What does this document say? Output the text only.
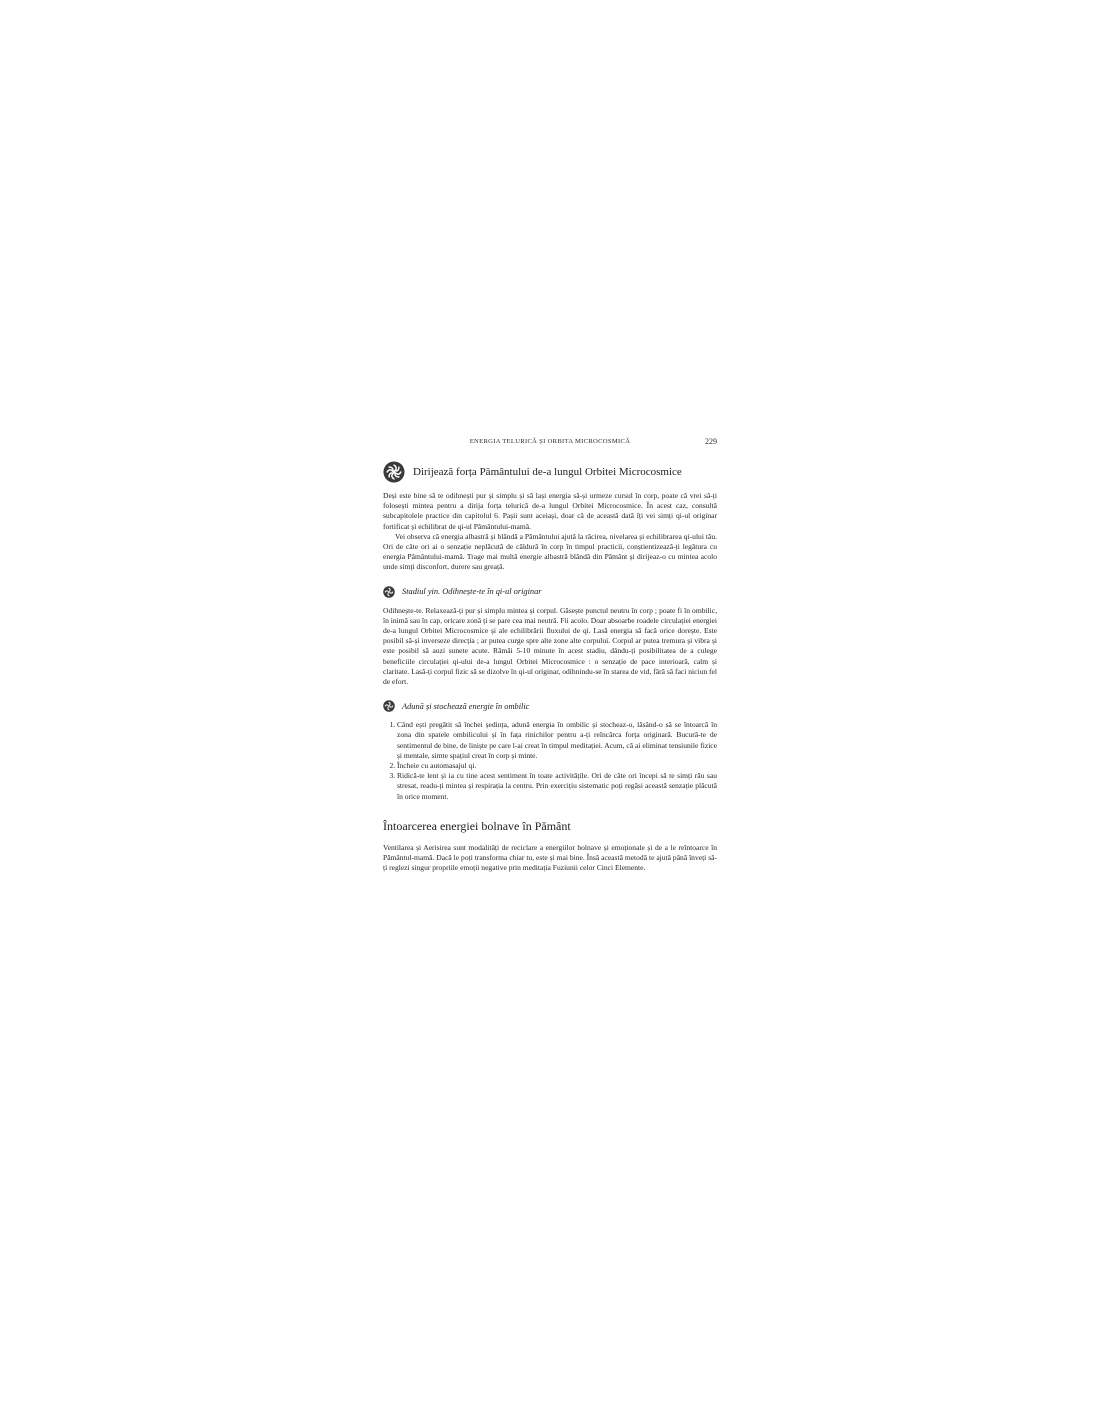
ENERGIA TELURICĂ ȘI ORBITA MICROCOSMICĂ	229
Dirijează forța Pământului de-a lungul Orbitei Microcosmice

Deși este bine să te odihnești pur și simplu și să lași energia să-și urmeze cursul în corp, poate că vrei să-ți folosești mintea pentru a dirija forța telurică de-a lungul Orbitei Microcosmice. În acest caz, consultă subcapitolele practice din capitolul 6. Pașii sunt aceiași, doar că de această dată îți vei simți qi-ul originar fortificat și echilibrat de qi-ul Pământului-mamă.

Vei observa că energia albastră și blândă a Pământului ajută la răcirea, nivelarea și echilibrarea qi-ului tău. Ori de câte ori ai o senzație neplăcută de căldură în corp în timpul practicii, conștientizează-ți legătura cu energia Pământului-mamă. Trage mai multă energie albastră blândă din Pământ și dirijeaz-o cu mintea acolo unde simți disconfort, durere sau greață.

Stadiul yin. Odihnește-te în qi-ul originar

Odihnește-te. Relaxează-ți pur și simplu mintea și corpul. Găsește punctul neutru în corp ; poate fi în ombilic, în inimă sau în cap, oricare zonă ți se pare cea mai neutră. Fii acolo. Doar absoarbe roadele circulației energiei de-a lungul Orbitei Microcosmice și ale echilibrării fluxului de qi. Lasă energia să facă orice dorește. Este posibil să-și inverseze direcția ; ar putea curge spre alte zone alte corpului. Corpul ar putea tremura și vibra și este posibil să auzi sunete acute. Rămâi 5-10 minute în acest stadiu, dându-ți posibilitatea de a culege beneficiile circulației qi-ului de-a lungul Orbitei Microcosmice : o senzație de pace interioară, calm și claritate. Lasă-ți corpul fizic să se dizolve în qi-ul originar, odihnindu-se în starea de vid, fără să faci niciun fel de efort.

Adună și stochează energie în ombilic
1. Când ești pregătit să închei ședința, adună energia în ombilic și stocheaz-o, lăsând-o să se întoarcă în zona din spatele ombilicului și în fața rinichilor pentru a-ți reîncărca forța originară. Bucură-te de sentimentul de bine, de liniște pe care l-ai creat în timpul meditației. Acum, că ai eliminat tensiunile fizice și mentale, simte spațiul creat în corp și minte.
2. Încheie cu automasajul qi.
3. Ridică-te lent și ia cu tine acest sentiment în toate activitățile. Ori de câte ori începi să te simți rău sau stresat, readu-ți mintea și respirația la centru. Prin exercițiu sistematic poți regăsi această senzație plăcută în orice moment.
Întoarcerea energiei bolnave în Pământ

Ventilarea și Aerisirea sunt modalități de reciclare a energiilor bolnave și emoționale și de a le reîntoarce în Pământul-mamă. Dacă le poți transforma chiar tu, este și mai bine. Însă această metodă te ajută până înveți să-ți reglezi singur propriile emoții negative prin meditația Fuziunii celor Cinci Elemente.
